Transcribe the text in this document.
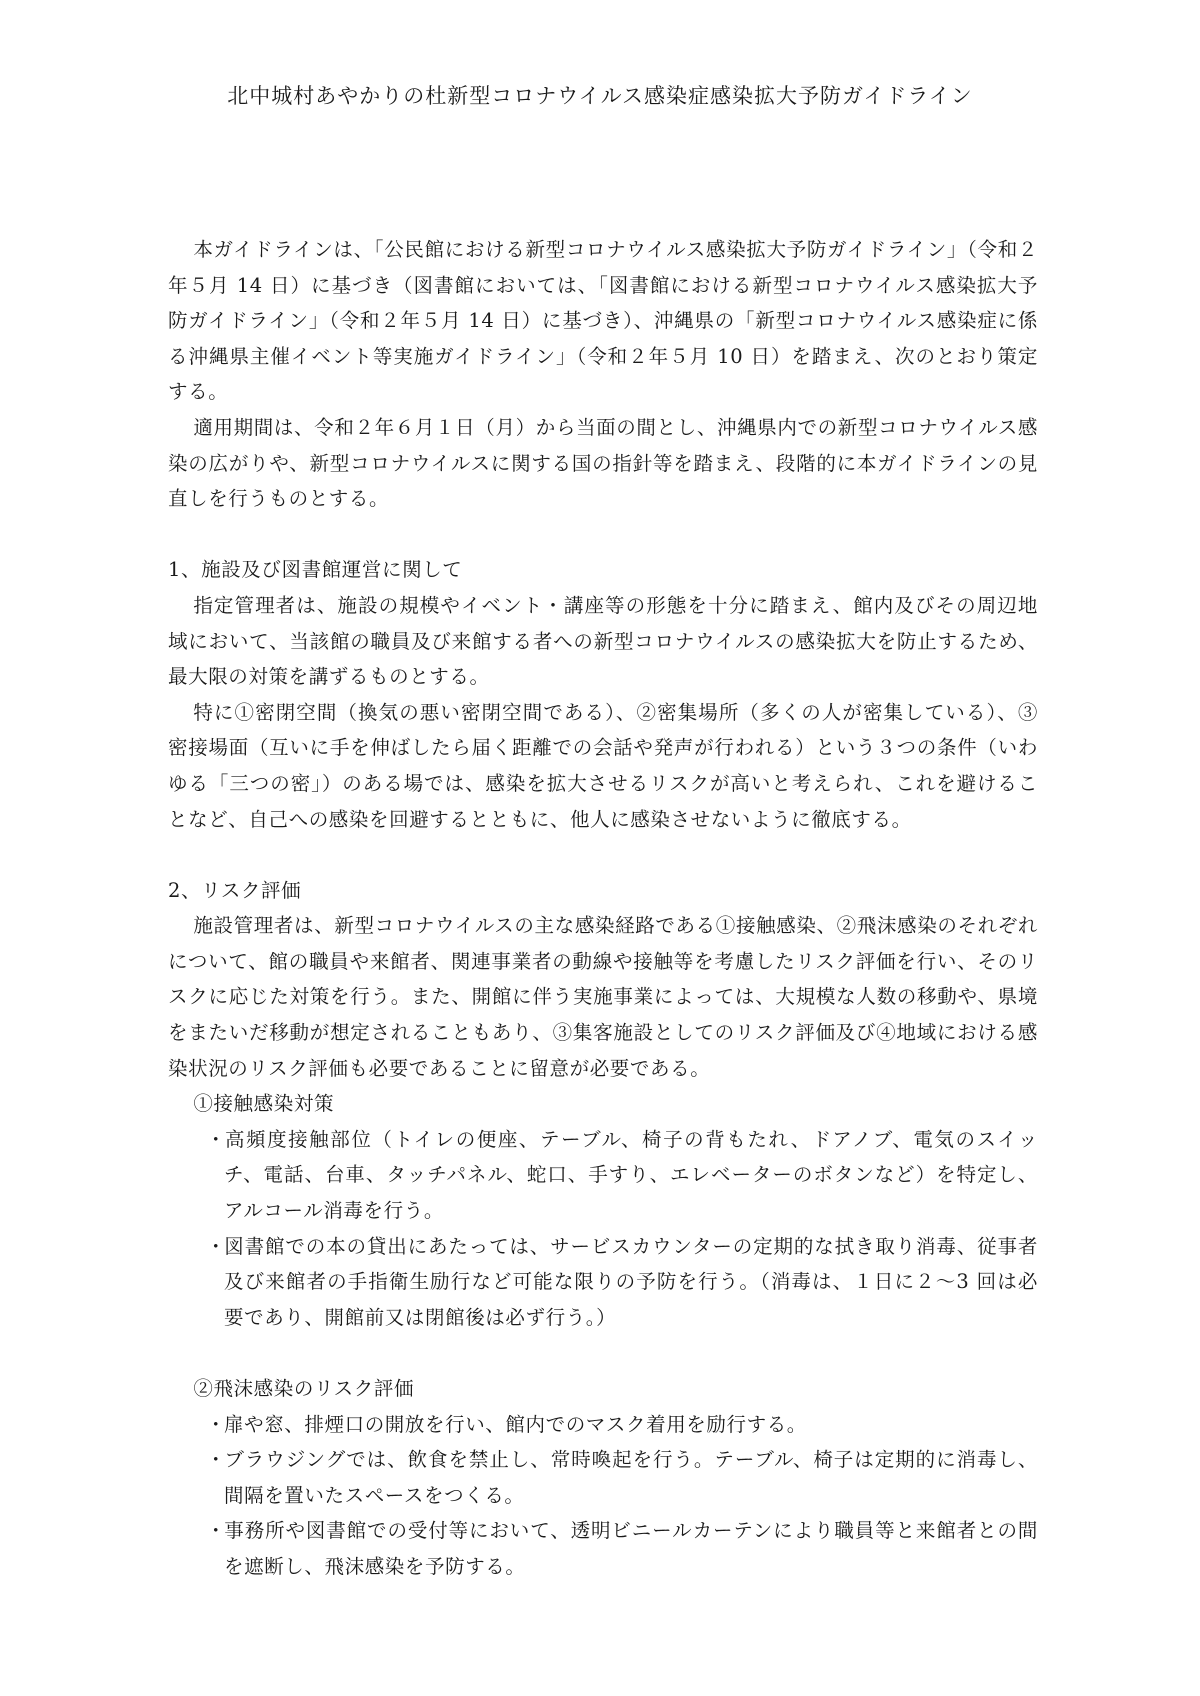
北中城村あやかりの杜新型コロナウイルス感染症感染拡大予防ガイドライン

本ガイドラインは、「公民館における新型コロナウイルス感染拡大予防ガイドライン」（令和２年５月 14 日）に基づき（図書館においては、「図書館における新型コロナウイルス感染拡大予防ガイドライン」（令和２年５月 14 日）に基づき）、沖縄県の「新型コロナウイルス感染症に係る沖縄県主催イベント等実施ガイドライン」（令和２年５月 10 日）を踏まえ、次のとおり策定する。

適用期間は、令和２年６月１日（月）から当面の間とし、沖縄県内での新型コロナウイルス感染の広がりや、新型コロナウイルスに関する国の指針等を踏まえ、段階的に本ガイドラインの見直しを行うものとする。

1、施設及び図書館運営に関して

指定管理者は、施設の規模やイベント・講座等の形態を十分に踏まえ、館内及びその周辺地域において、当該館の職員及び来館する者への新型コロナウイルスの感染拡大を防止するため、最大限の対策を講ずるものとする。

特に①密閉空間（換気の悪い密閉空間である）、②密集場所（多くの人が密集している）、③密接場面（互いに手を伸ばしたら届く距離での会話や発声が行われる）という３つの条件（いわゆる「三つの密」）のある場では、感染を拡大させるリスクが高いと考えられ、これを避けることなど、自己への感染を回避するとともに、他人に感染させないように徹底する。

2、リスク評価

施設管理者は、新型コロナウイルスの主な感染経路である①接触感染、②飛沫感染のそれぞれについて、館の職員や来館者、関連事業者の動線や接触等を考慮したリスク評価を行い、そのリスクに応じた対策を行う。また、開館に伴う実施事業によっては、大規模な人数の移動や、県境をまたいだ移動が想定されることもあり、③集客施設としてのリスク評価及び④地域における感染状況のリスク評価も必要であることに留意が必要である。

①接触感染対策

・高頻度接触部位（トイレの便座、テーブル、椅子の背もたれ、ドアノブ、電気のスイッチ、電話、台車、タッチパネル、蛇口、手すり、エレベーターのボタンなど）を特定し、アルコール消毒を行う。

・図書館での本の貸出にあたっては、サービスカウンターの定期的な拭き取り消毒、従事者及び来館者の手指衛生励行など可能な限りの予防を行う。（消毒は、１日に２～3 回は必要であり、開館前又は閉館後は必ず行う。）

②飛沫感染のリスク評価

・扉や窓、排煙口の開放を行い、館内でのマスク着用を励行する。

・ブラウジングでは、飲食を禁止し、常時喚起を行う。テーブル、椅子は定期的に消毒し、間隔を置いたスペースをつくる。

・事務所や図書館での受付等において、透明ビニールカーテンにより職員等と来館者との間を遮断し、飛沫感染を予防する。
